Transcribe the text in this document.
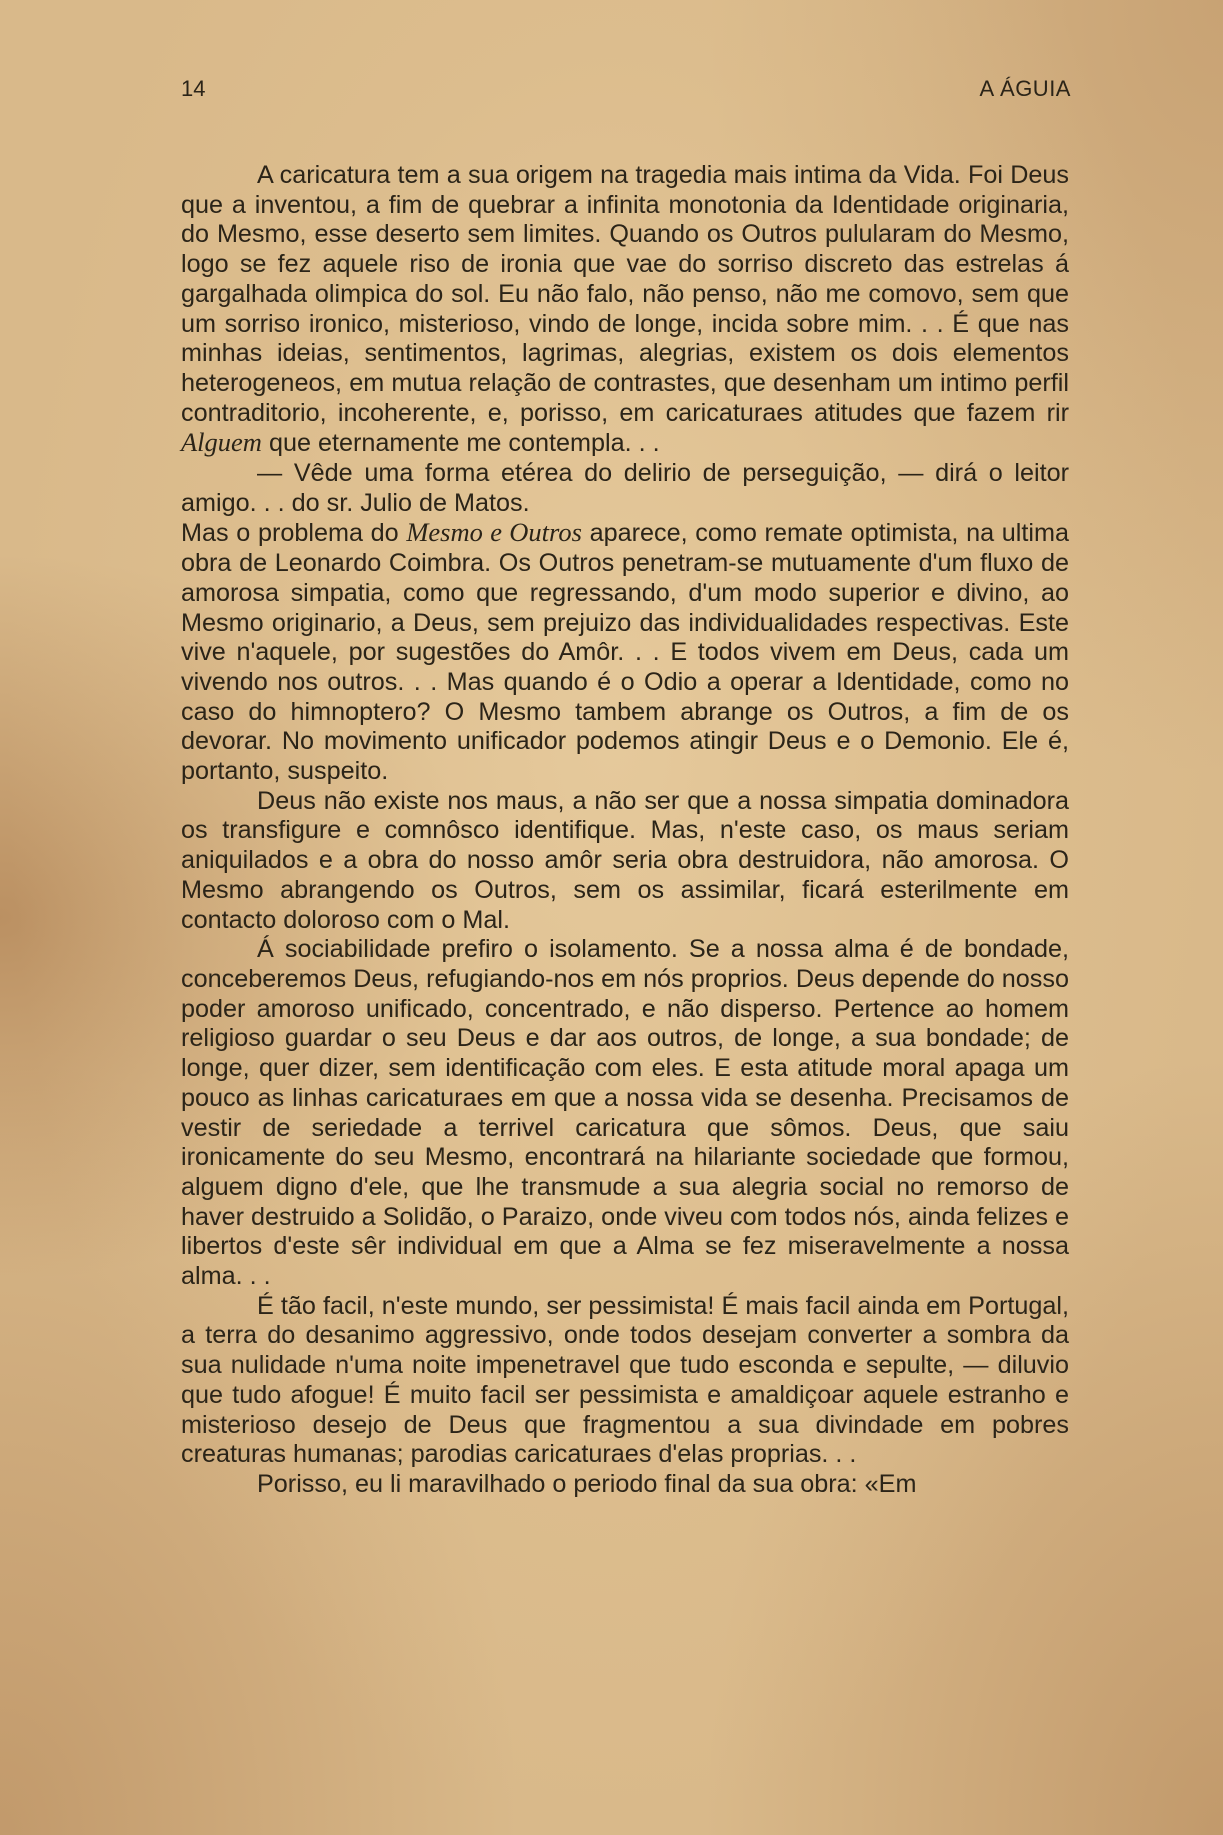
14	A ÁGUIA

A caricatura tem a sua origem na tragedia mais intima da Vida. Foi Deus que a inventou, a fim de quebrar a infinita monotonia da Identidade originaria, do Mesmo, esse deserto sem limites. Quando os Outros pulularam do Mesmo, logo se fez aquele riso de ironia que vae do sorriso discreto das estrelas á gargalhada olimpica do sol. Eu não falo, não penso, não me comovo, sem que um sorriso ironico, misterioso, vindo de longe, incida sobre mim. . . É que nas minhas ideias, sentimentos, lagrimas, alegrias, existem os dois elementos heterogeneos, em mutua relação de contrastes, que desenham um intimo perfil contraditorio, incoherente, e, porisso, em caricaturaes atitudes que fazem rir Alguem que eternamente me contempla. . .

— Vêde uma forma etérea do delirio de perseguição, — dirá o leitor amigo. . . do sr. Julio de Matos.

Mas o problema do Mesmo e Outros aparece, como remate optimista, na ultima obra de Leonardo Coimbra. Os Outros penetram-se mutuamente d'um fluxo de amorosa simpatia, como que regressando, d'um modo superior e divino, ao Mesmo originario, a Deus, sem prejuizo das individualidades respectivas. Este vive n'aquele, por sugestões do Amôr. . . E todos vivem em Deus, cada um vivendo nos outros. . . Mas quando é o Odio a operar a Identidade, como no caso do himnoptero? O Mesmo tambem abrange os Outros, a fim de os devorar. No movimento unificador podemos atingir Deus e o Demonio. Ele é, portanto, suspeito.

Deus não existe nos maus, a não ser que a nossa simpatia dominadora os transfigure e comnôsco identifique. Mas, n'este caso, os maus seriam aniquilados e a obra do nosso amôr seria obra destruidora, não amorosa. O Mesmo abrangendo os Outros, sem os assimilar, ficará esterilmente em contacto doloroso com o Mal.

Á sociabilidade prefiro o isolamento. Se a nossa alma é de bondade, conceberemos Deus, refugiando-nos em nós proprios. Deus depende do nosso poder amoroso unificado, concentrado, e não disperso. Pertence ao homem religioso guardar o seu Deus e dar aos outros, de longe, a sua bondade; de longe, quer dizer, sem identificação com eles. E esta atitude moral apaga um pouco as linhas caricaturaes em que a nossa vida se desenha. Precisamos de vestir de seriedade a terrivel caricatura que sômos. Deus, que saiu ironicamente do seu Mesmo, encontrará na hilariante sociedade que formou, alguem digno d'ele, que lhe transmude a sua alegria social no remorso de haver destruido a Solidão, o Paraizo, onde viveu com todos nós, ainda felizes e libertos d'este sêr individual em que a Alma se fez miseravelmente a nossa alma. . .

É tão facil, n'este mundo, ser pessimista! É mais facil ainda em Portugal, a terra do desanimo aggressivo, onde todos desejam converter a sombra da sua nulidade n'uma noite impenetravel que tudo esconda e sepulte, — diluvio que tudo afogue! É muito facil ser pessimista e amaldiçoar aquele estranho e misterioso desejo de Deus que fragmentou a sua divindade em pobres creaturas humanas; parodias caricaturaes d'elas proprias. . .

Porisso, eu li maravilhado o periodo final da sua obra: «Em
